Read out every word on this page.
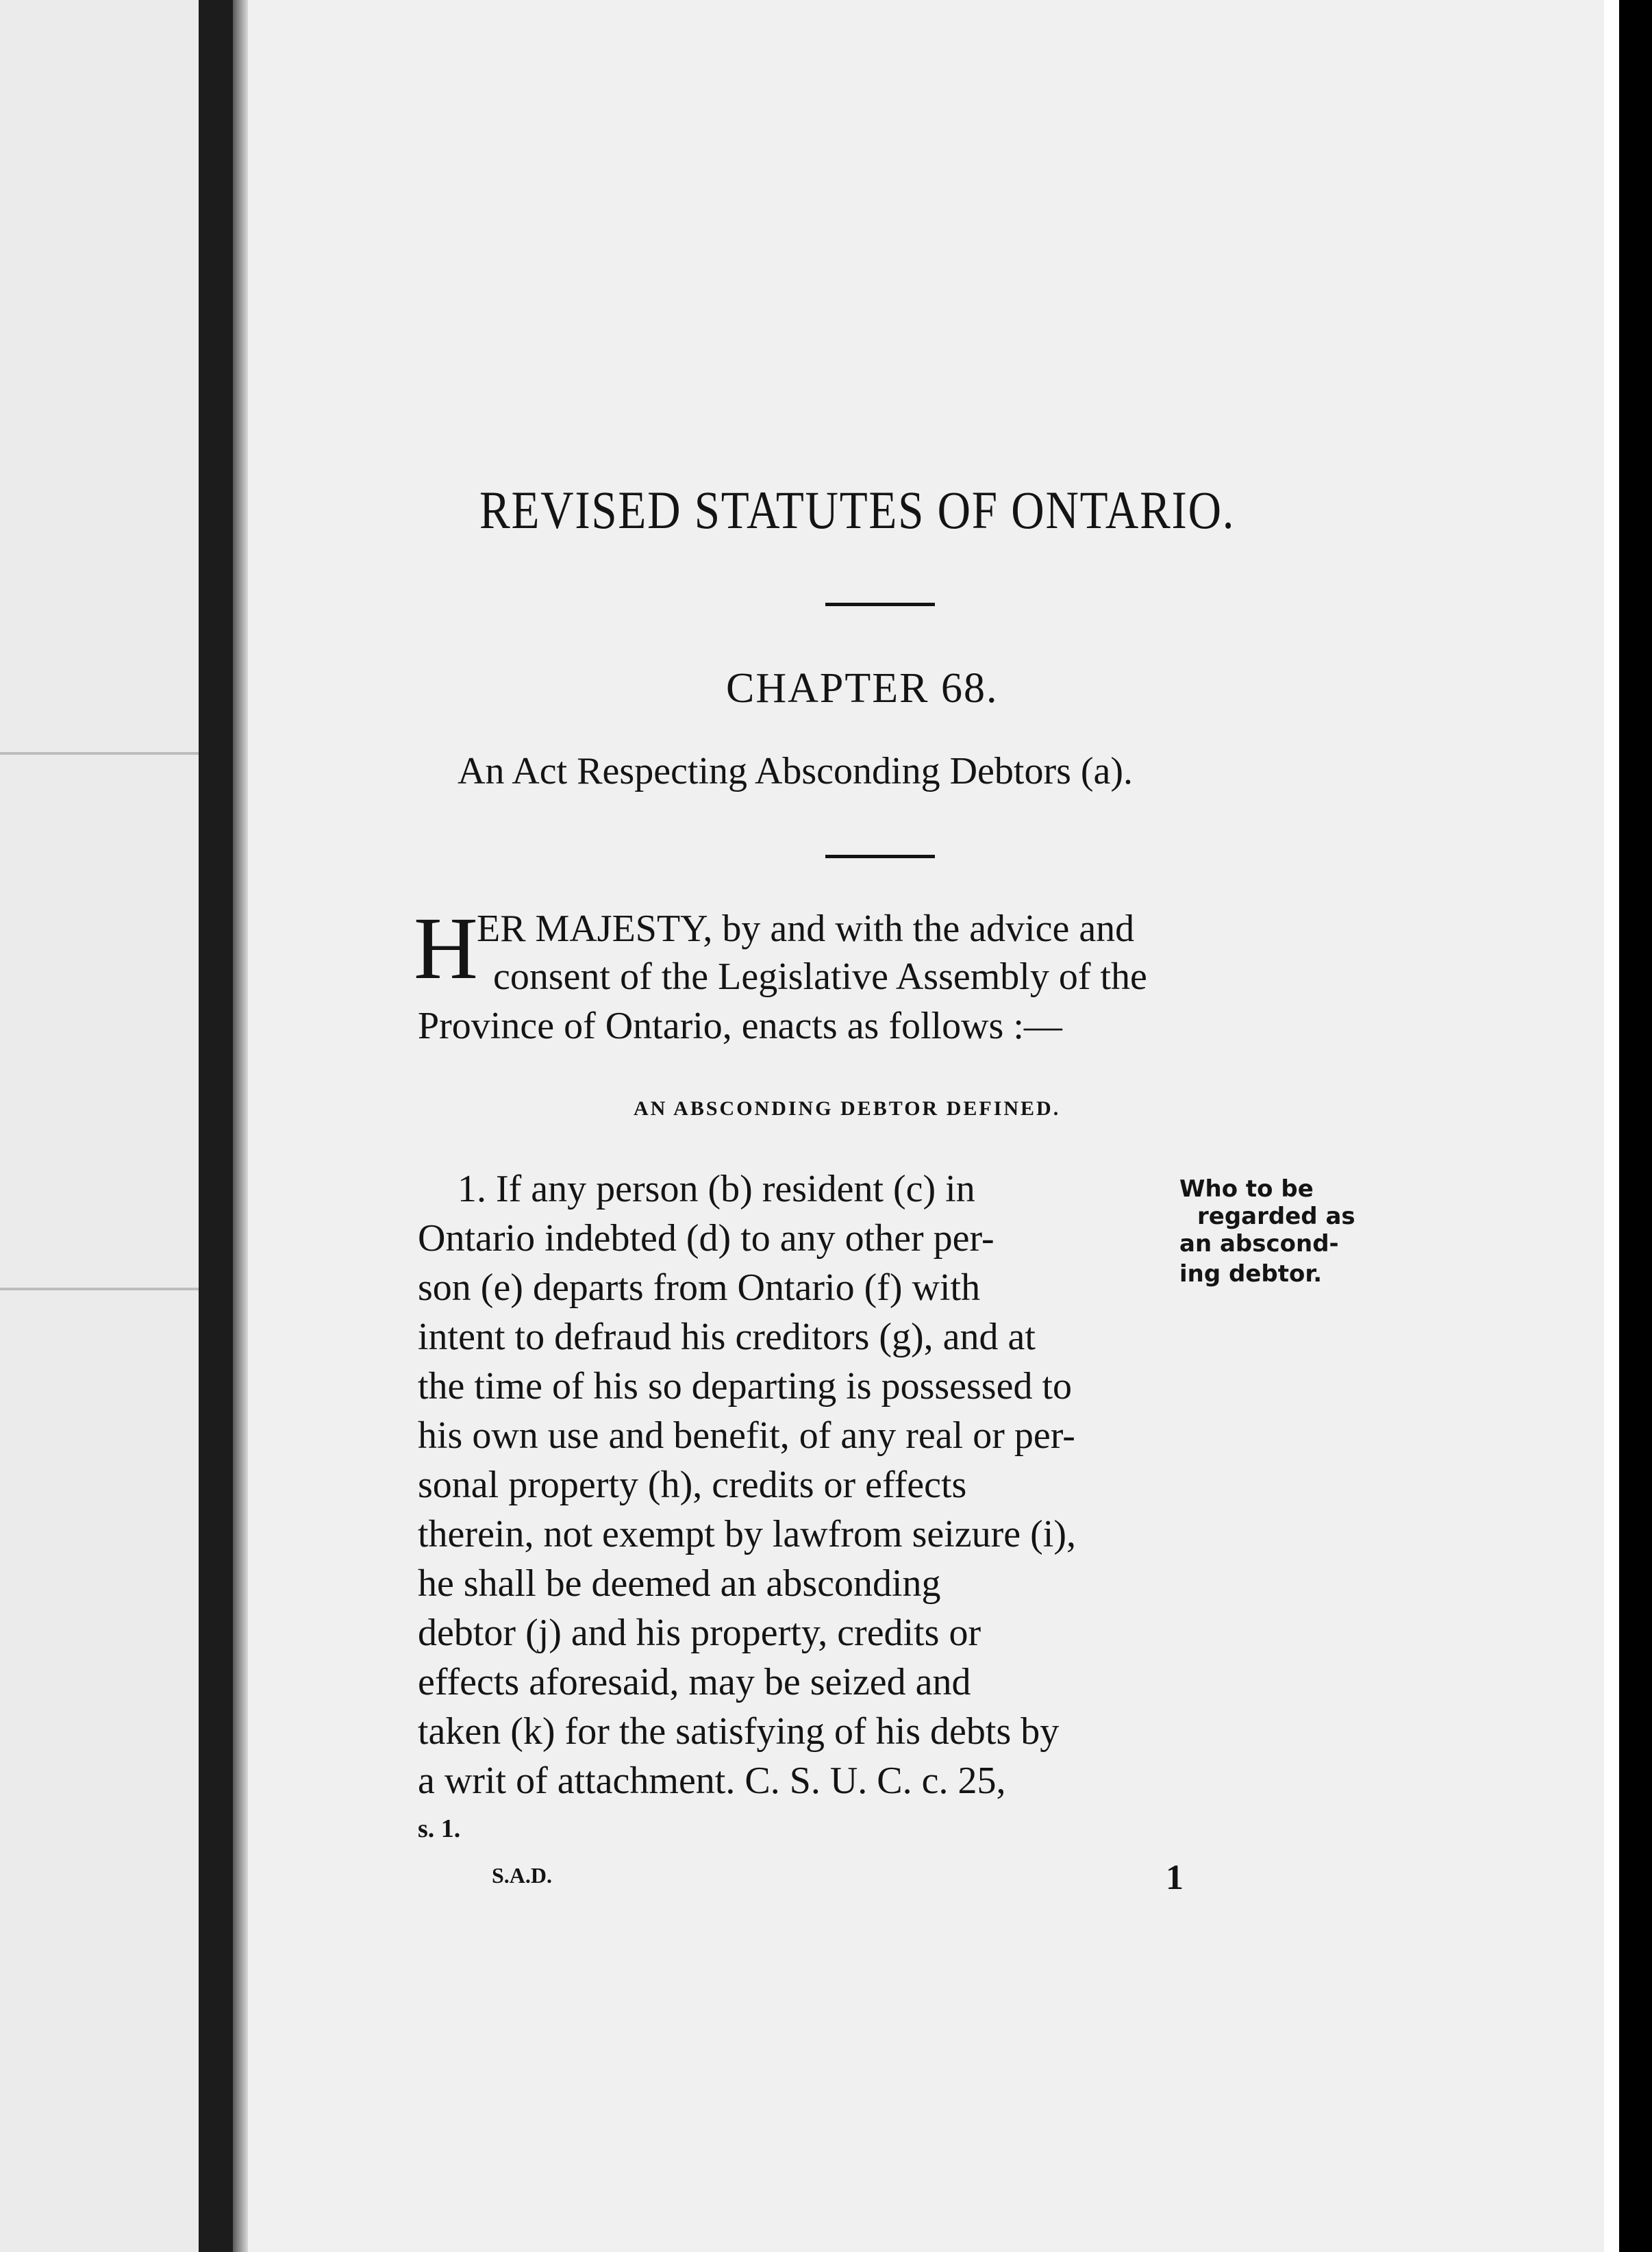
REVISED STATUTES OF ONTARIO.
CHAPTER 68.
An Act Respecting Absconding Debtors (a).
H
ER MAJESTY, by and with the advice and
consent of the Legislative Assembly of the
Province of Ontario, enacts as follows :—
AN ABSCONDING DEBTOR DEFINED.
1. If any person (b) resident (c) in
Ontario indebted (d) to any other per-
son (e) departs from Ontario (f) with
intent to defraud his creditors (g), and at
the time of his so departing is possessed to
his own use and benefit, of any real or per-
sonal property (h), credits or effects
therein, not exempt by lawfrom seizure (i),
he shall be deemed an absconding
debtor (j) and his property, credits or
effects aforesaid, may be seized and
taken (k) for the satisfying of his debts by
a writ of attachment. C. S. U. C. c. 25,
s. 1.
Who to be
regarded as
an abscond-
ing debtor.
S.A.D.	1
